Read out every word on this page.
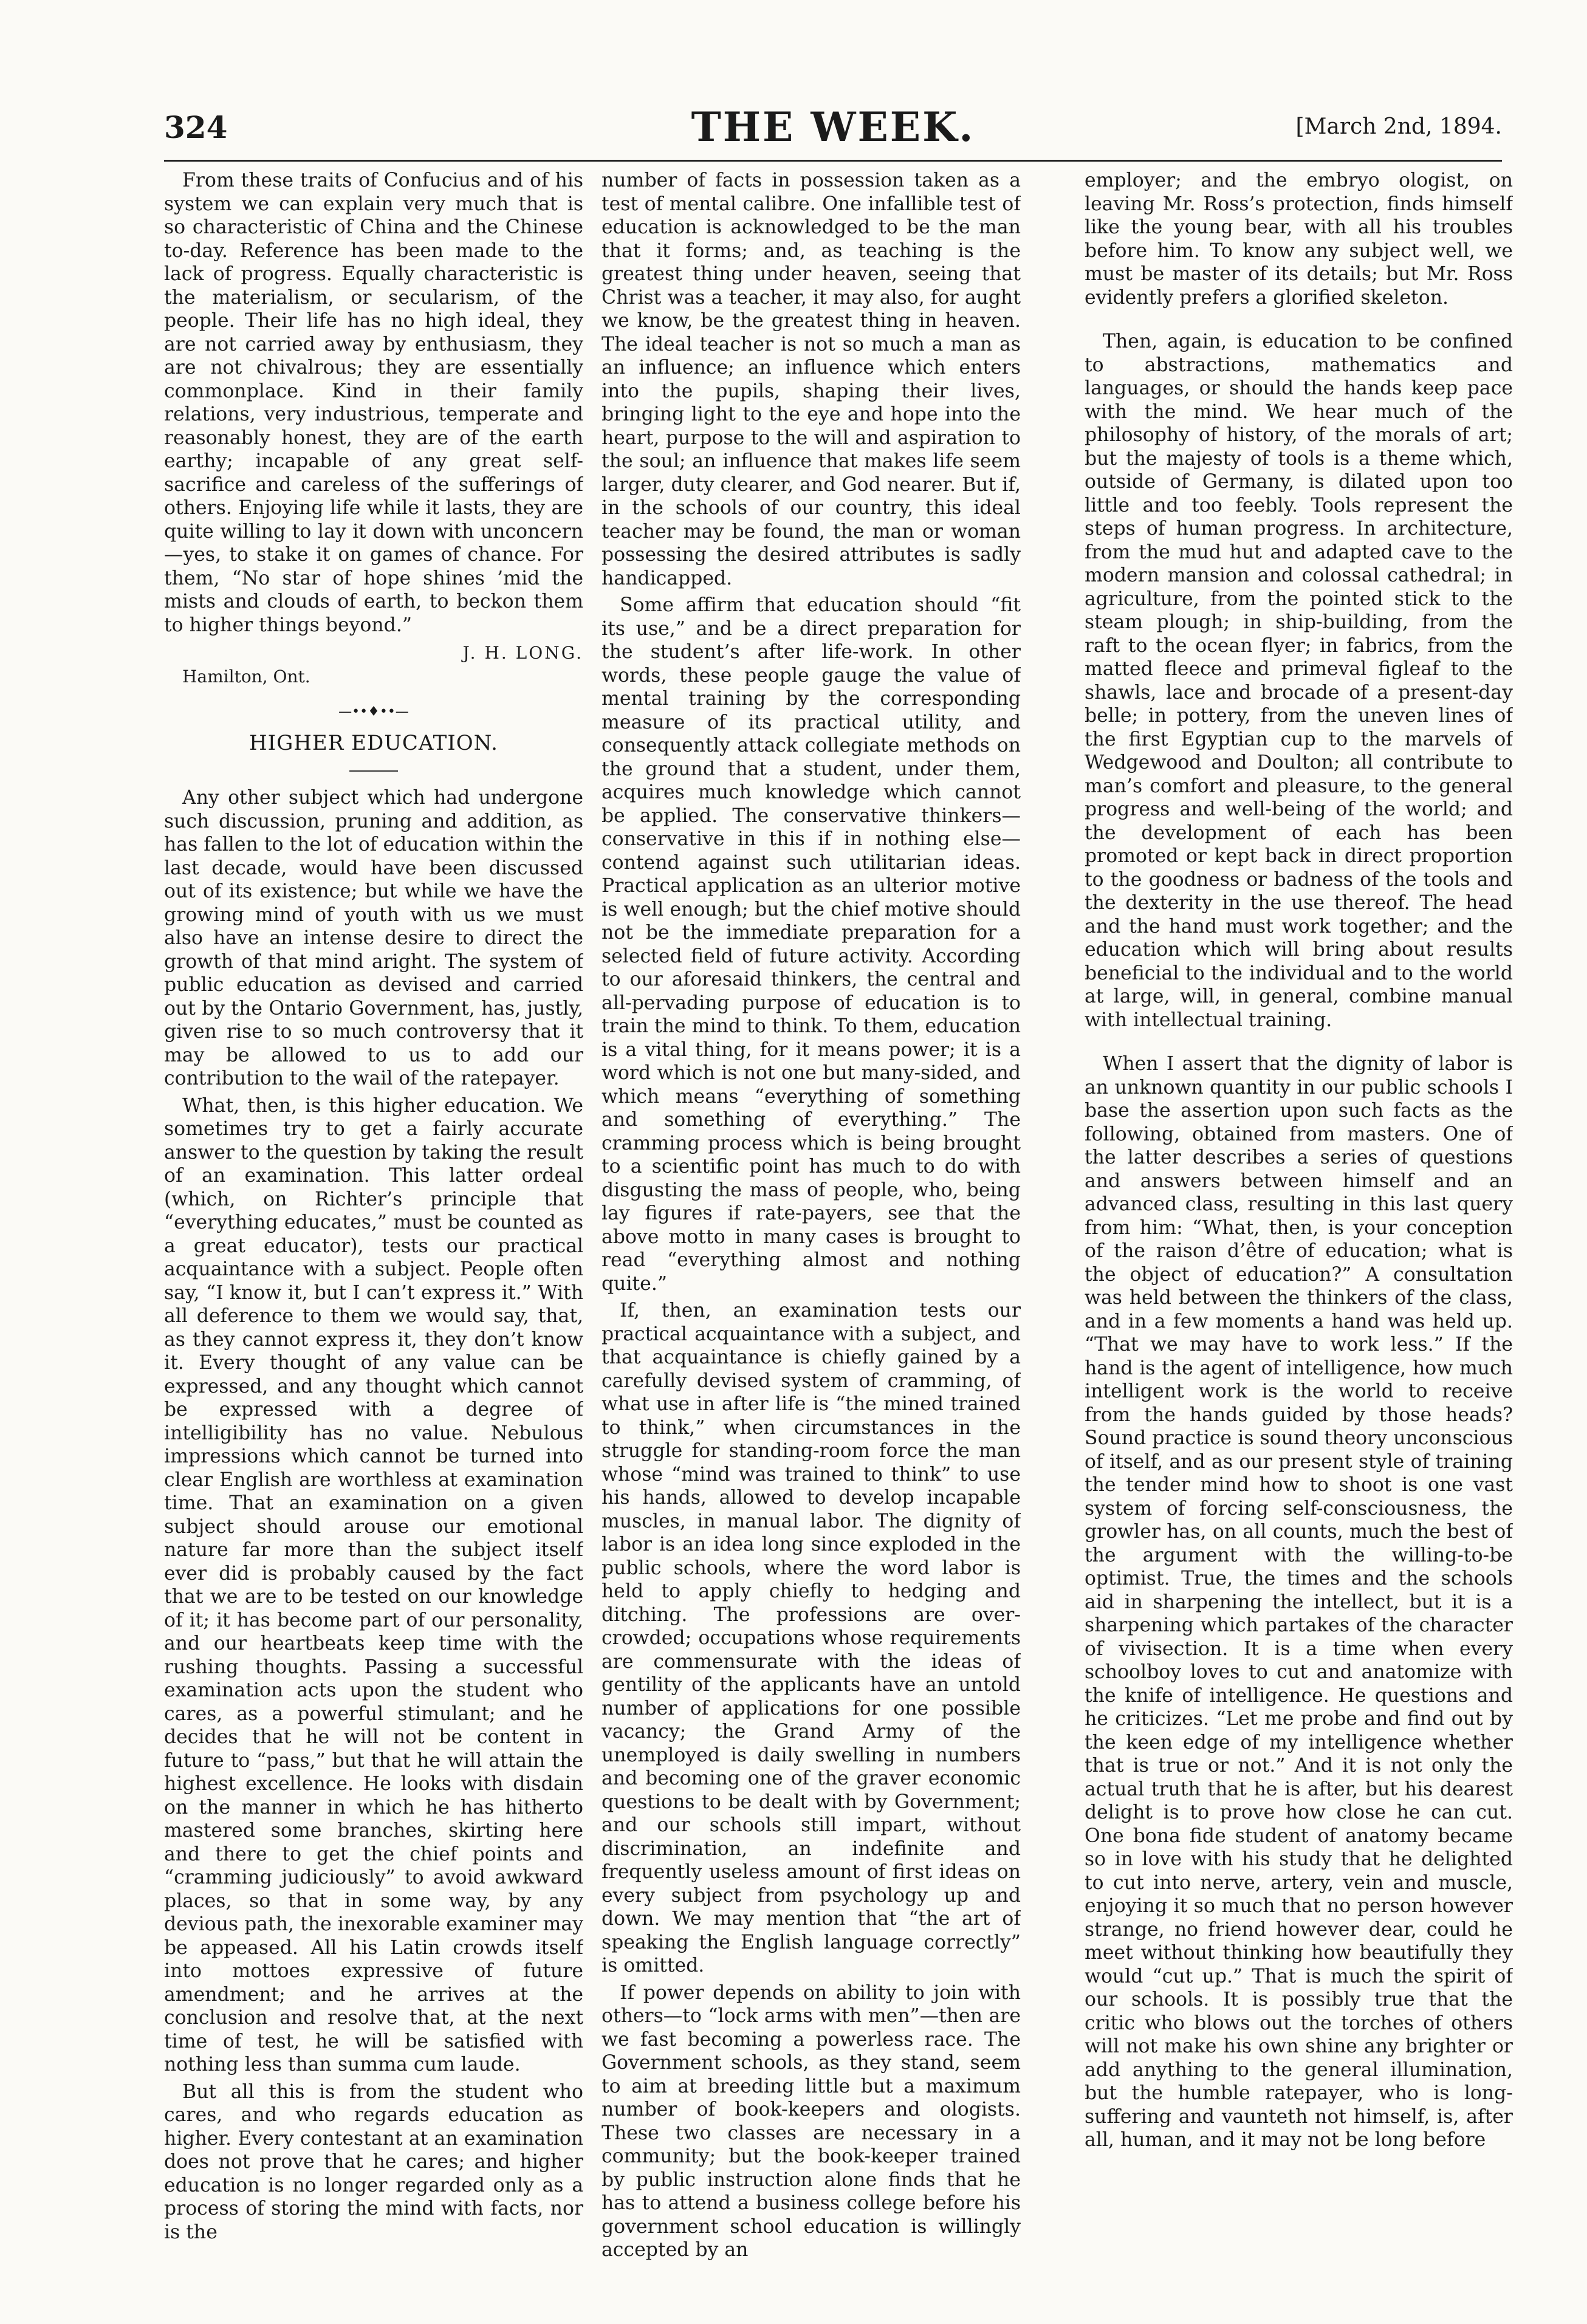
324	THE WEEK.	[March 2nd, 1894.

From these traits of Confucius and of his system we can explain very much that is so characteristic of China and the Chinese to-day. Reference has been made to the lack of progress. Equally characteristic is the materialism, or secularism, of the people. Their life has no high ideal, they are not carried away by enthusiasm, they are not chivalrous; they are essentially commonplace. Kind in their family relations, very industrious, temperate and reasonably honest, they are of the earth earthy; incapable of any great self-sacrifice and careless of the sufferings of others. Enjoying life while it lasts, they are quite willing to lay it down with unconcern—yes, to stake it on games of chance. For them, “No star of hope shines ’mid the mists and clouds of earth, to beckon them to higher things beyond.”

J. H. LONG.
Hamilton, Ont.
—••♦••—
HIGHER EDUCATION.

Any other subject which had undergone such discussion, pruning and addition, as has fallen to the lot of education within the last decade, would have been discussed out of its existence; but while we have the growing mind of youth with us we must also have an intense desire to direct the growth of that mind aright. The system of public education as devised and carried out by the Ontario Government, has, justly, given rise to so much controversy that it may be allowed to us to add our contribution to the wail of the ratepayer.

What, then, is this higher education. We sometimes try to get a fairly accurate answer to the question by taking the result of an examination. This latter ordeal (which, on Richter’s principle that “everything educates,” must be counted as a great educator), tests our practical acquaintance with a subject. People often say, “I know it, but I can’t express it.” With all deference to them we would say, that, as they cannot express it, they don’t know it. Every thought of any value can be expressed, and any thought which cannot be expressed with a degree of intelligibility has no value. Nebulous impressions which cannot be turned into clear English are worthless at examination time. That an examination on a given subject should arouse our emotional nature far more than the subject itself ever did is probably caused by the fact that we are to be tested on our knowledge of it; it has become part of our personality, and our heartbeats keep time with the rushing thoughts. Passing a successful examination acts upon the student who cares, as a powerful stimulant; and he decides that he will not be content in future to “pass,” but that he will attain the highest excellence. He looks with disdain on the manner in which he has hitherto mastered some branches, skirting here and there to get the chief points and “cramming judiciously” to avoid awkward places, so that in some way, by any devious path, the inexorable examiner may be appeased. All his Latin crowds itself into mottoes expressive of future amendment; and he arrives at the conclusion and resolve that, at the next time of test, he will be satisfied with nothing less than summa cum laude.

But all this is from the student who cares, and who regards education as higher. Every contestant at an examination does not prove that he cares; and higher education is no longer regarded only as a process of storing the mind with facts, nor is the

number of facts in possession taken as a test of mental calibre. One infallible test of education is acknowledged to be the man that it forms; and, as teaching is the greatest thing under heaven, seeing that Christ was a teacher, it may also, for aught we know, be the greatest thing in heaven. The ideal teacher is not so much a man as an influence; an influence which enters into the pupils, shaping their lives, bringing light to the eye and hope into the heart, purpose to the will and aspiration to the soul; an influence that makes life seem larger, duty clearer, and God nearer. But if, in the schools of our country, this ideal teacher may be found, the man or woman possessing the desired attributes is sadly handicapped.

Some affirm that education should “fit its use,” and be a direct preparation for the student’s after life-work. In other words, these people gauge the value of mental training by the corresponding measure of its practical utility, and consequently attack collegiate methods on the ground that a student, under them, acquires much knowledge which cannot be applied. The conservative thinkers—conservative in this if in nothing else—contend against such utilitarian ideas. Practical application as an ulterior motive is well enough; but the chief motive should not be the immediate preparation for a selected field of future activity. According to our aforesaid thinkers, the central and all-pervading purpose of education is to train the mind to think. To them, education is a vital thing, for it means power; it is a word which is not one but many-sided, and which means “everything of something and something of everything.” The cramming process which is being brought to a scientific point has much to do with disgusting the mass of people, who, being lay figures if rate-payers, see that the above motto in many cases is brought to read “everything almost and nothing quite.”

If, then, an examination tests our practical acquaintance with a subject, and that acquaintance is chiefly gained by a carefully devised system of cramming, of what use in after life is “the mined trained to think,” when circumstances in the struggle for standing-room force the man whose “mind was trained to think” to use his hands, allowed to develop incapable muscles, in manual labor. The dignity of labor is an idea long since exploded in the public schools, where the word labor is held to apply chiefly to hedging and ditching. The professions are over-crowded; occupations whose requirements are commensurate with the ideas of gentility of the applicants have an untold number of applications for one possible vacancy; the Grand Army of the unemployed is daily swelling in numbers and becoming one of the graver economic questions to be dealt with by Government; and our schools still impart, without discrimination, an indefinite and frequently useless amount of first ideas on every subject from psychology up and down. We may mention that “the art of speaking the English language correctly” is omitted.

If power depends on ability to join with others—to “lock arms with men”—then are we fast becoming a powerless race. The Government schools, as they stand, seem to aim at breeding little but a maximum number of book-keepers and ologists. These two classes are necessary in a community; but the book-keeper trained by public instruction alone finds that he has to attend a business college before his government school education is willingly accepted by an

employer; and the embryo ologist, on leaving Mr. Ross’s protection, finds himself like the young bear, with all his troubles before him. To know any subject well, we must be master of its details; but Mr. Ross evidently prefers a glorified skeleton.

Then, again, is education to be confined to abstractions, mathematics and languages, or should the hands keep pace with the mind. We hear much of the philosophy of history, of the morals of art; but the majesty of tools is a theme which, outside of Germany, is dilated upon too little and too feebly. Tools represent the steps of human progress. In architecture, from the mud hut and adapted cave to the modern mansion and colossal cathedral; in agriculture, from the pointed stick to the steam plough; in ship-building, from the raft to the ocean flyer; in fabrics, from the matted fleece and primeval figleaf to the shawls, lace and brocade of a present-day belle; in pottery, from the uneven lines of the first Egyptian cup to the marvels of Wedgewood and Doulton; all contribute to man’s comfort and pleasure, to the general progress and well-being of the world; and the development of each has been promoted or kept back in direct proportion to the goodness or badness of the tools and the dexterity in the use thereof. The head and the hand must work together; and the education which will bring about results beneficial to the individual and to the world at large, will, in general, combine manual with intellectual training.

When I assert that the dignity of labor is an unknown quantity in our public schools I base the assertion upon such facts as the following, obtained from masters. One of the latter describes a series of questions and answers between himself and an advanced class, resulting in this last query from him: “What, then, is your conception of the raison d’être of education; what is the object of education?” A consultation was held between the thinkers of the class, and in a few moments a hand was held up. “That we may have to work less.” If the hand is the agent of intelligence, how much intelligent work is the world to receive from the hands guided by those heads? Sound practice is sound theory unconscious of itself, and as our present style of training the tender mind how to shoot is one vast system of forcing self-consciousness, the growler has, on all counts, much the best of the argument with the willing-to-be optimist. True, the times and the schools aid in sharpening the intellect, but it is a sharpening which partakes of the character of vivisection. It is a time when every schoolboy loves to cut and anatomize with the knife of intelligence. He questions and he criticizes. “Let me probe and find out by the keen edge of my intelligence whether that is true or not.” And it is not only the actual truth that he is after, but his dearest delight is to prove how close he can cut. One bona fide student of anatomy became so in love with his study that he delighted to cut into nerve, artery, vein and muscle, enjoying it so much that no person however strange, no friend however dear, could he meet without thinking how beautifully they would “cut up.” That is much the spirit of our schools. It is possibly true that the critic who blows out the torches of others will not make his own shine any brighter or add anything to the general illumination, but the humble ratepayer, who is long-suffering and vaunteth not himself, is, after all, human, and it may not be long before
